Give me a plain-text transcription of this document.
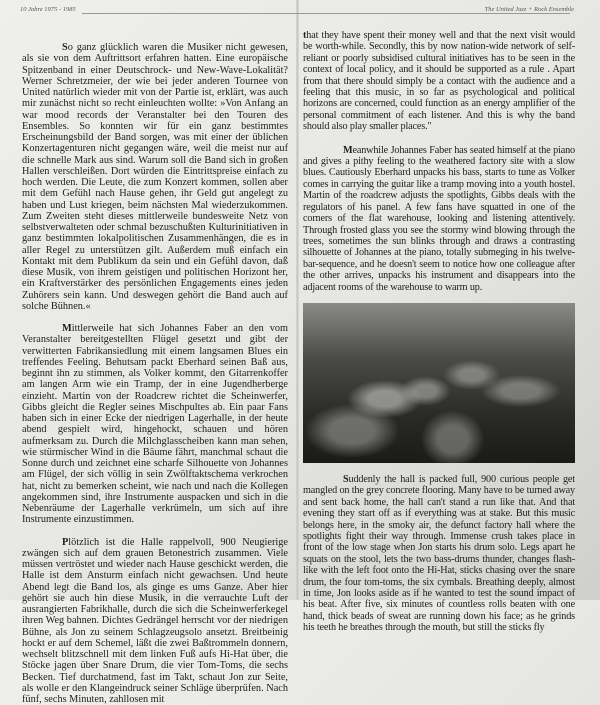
10 Jahre 1975 - 1985	The United Jazz + Rock Ensemble

So ganz glücklich waren die Musiker nicht gewesen, als sie von dem Auftrittsort erfahren hatten. Eine europäische Spitzenband in einer Deutschrock- und New-Wave-Lokalität? Werner Schretzmeier, der wie bei jeder anderen Tournee von United natürlich wieder mit von der Partie ist, erklärt, was auch mir zunächst nicht so recht einleuchten wollte: »Von Anfang an war mood records der Veranstalter bei den Touren des Ensembles. So konnten wir für ein ganz bestimmtes Erscheinungsbild der Band sorgen, was mit einer der üblichen Konzertagenturen nicht gegangen wäre, weil die meist nur auf die schnelle Mark aus sind. Warum soll die Band sich in großen Hallen verschleißen. Dort würden die Eintrittspreise einfach zu hoch werden. Die Leute, die zum Konzert kommen, sollen aber mit dem Gefühl nach Hause gehen, ihr Geld gut angelegt zu haben und Lust kriegen, beim nächsten Mal wiederzukommen. Zum Zweiten steht dieses mittlerweile bundesweite Netz von selbstverwalteten oder schmal bezuschußten Kulturinitiativen in ganz bestimmten lokalpolitischen Zusammenhängen, die es in aller Regel zu unterstützen gilt. Außerdem muß einfach ein Kontakt mit dem Publikum da sein und ein Gefühl davon, daß diese Musik, von ihrem geistigen und politischen Horizont her, ein Kraftverstärker des persönlichen Engagements eines jeden Zuhörers sein kann. Und deswegen gehört die Band auch auf solche Bühnen.«

Mittlerweile hat sich Johannes Faber an den vom Veranstalter bereitgestellten Flügel gesetzt und gibt der verwitterten Fabrikansiedlung mit einem langsamen Blues ein treffendes Feeling. Behutsam packt Eberhard seinen Baß aus, beginnt ihn zu stimmen, als Volker kommt, den Gitarrenkoffer am langen Arm wie ein Tramp, der in eine Jugendherberge einzieht. Martin von der Roadcrew richtet die Scheinwerfer, Gibbs gleicht die Regler seines Mischpultes ab. Ein paar Fans haben sich in einer Ecke der niedrigen Lagerhalle, in der heute abend gespielt wird, hingehockt, schauen und hören aufmerksam zu. Durch die Milchglasscheiben kann man sehen, wie stürmischer Wind in die Bäume fährt, manchmal schaut die Sonne durch und zeichnet eine scharfe Silhouette von Johannes am Flügel, der sich völlig in sein Zwölftaktschema verkrochen hat, nicht zu bemerken scheint, wie nach und nach die Kollegen angekommen sind, ihre Instrumente auspacken und sich in die Nebenräume der Lagerhalle verkrümeln, um sich auf ihre Instrumente einzustimmen.

Plötzlich ist die Halle rappelvoll, 900 Neugierige zwängen sich auf dem grauen Betonestrich zusammen. Viele müssen vertröstet und wieder nach Hause geschickt werden, die Halle ist dem Ansturm einfach nicht gewachsen. Und heute Abend legt die Band los, als ginge es ums Ganze. Aber hier gehört sie auch hin diese Musik, in die verrauchte Luft der ausrangierten Fabrikhalle, durch die sich die Scheinwerferkegel ihren Weg bahnen. Dichtes Gedrängel herrscht vor der niedrigen Bühne, als Jon zu seinem Schlagzeugsolo ansetzt. Breitbeinig hockt er auf dem Schemel, läßt die zwei Baßtrommeln donnern, wechselt blitzschnell mit dem linken Fuß aufs Hi-Hat über, die Stöcke jagen über Snare Drum, die vier Tom-Toms, die sechs Becken. Tief durchatmend, fast im Takt, schaut Jon zur Seite, als wolle er den Klangeindruck seiner Schläge überprüfen. Nach fünf, sechs Minuten, zahllosen mit

that they have spent their money well and that the next visit would be worth-while. Secondly, this by now nation-wide network of self-reliant or poorly subsidised cultural initiatives has to be seen in the context of local policy, and it should be supported as a rule . Apart from that there should simply be a contact with the audience and a feeling that this music, in so far as psychological and political horizons are concerned, could function as an energy amplifier of the personal commitment of each listener. And this is why the band should also play smaller places."

Meanwhile Johannes Faber has seated himself at the piano and gives a pithy feeling to the weathered factory site with a slow blues. Cautiously Eberhard unpacks his bass, starts to tune as Volker comes in carrying the guitar like a tramp moving into a youth hostel. Martin of the roadcrew adjusts the spotlights, Gibbs deals with the regulators of his panel. A few fans have squatted in one of the corners of the flat warehouse, looking and listening attentively. Through frosted glass you see the stormy wind blowing through the trees, sometimes the sun blinks through and draws a contrasting silhouette of Johannes at the piano, totally submeging in his twelve-bar-sequence, and he doesn't seem to notice how one colleague after the other arrives, unpacks his instrument and disappears into the adjacent rooms of the warehouse to warm up.

Suddenly the hall is packed full, 900 curious people get mangled on the grey concrete flooring. Many have to be turned away and sent back home, the hall can't stand a run like that. And that evening they start off as if everything was at stake. But this music belongs here, in the smoky air, the defunct factory hall where the spotlights fight their way through. Immense crush takes place in front of the low stage when Jon starts his drum solo. Legs apart he squats on the stool, lets the two bass-drums thunder, changes flash-like with the left foot onto the Hi-Hat, sticks chasing over the snare drum, the four tom-toms, the six cymbals. Breathing deeply, almost in time, Jon looks aside as if he wanted to test the sound impact of his beat. After five, six minutes of countless rolls beaten with one hand, thick beads of sweat are running down his face; as he grinds his teeth he breathes through the mouth, but still the sticks fly
